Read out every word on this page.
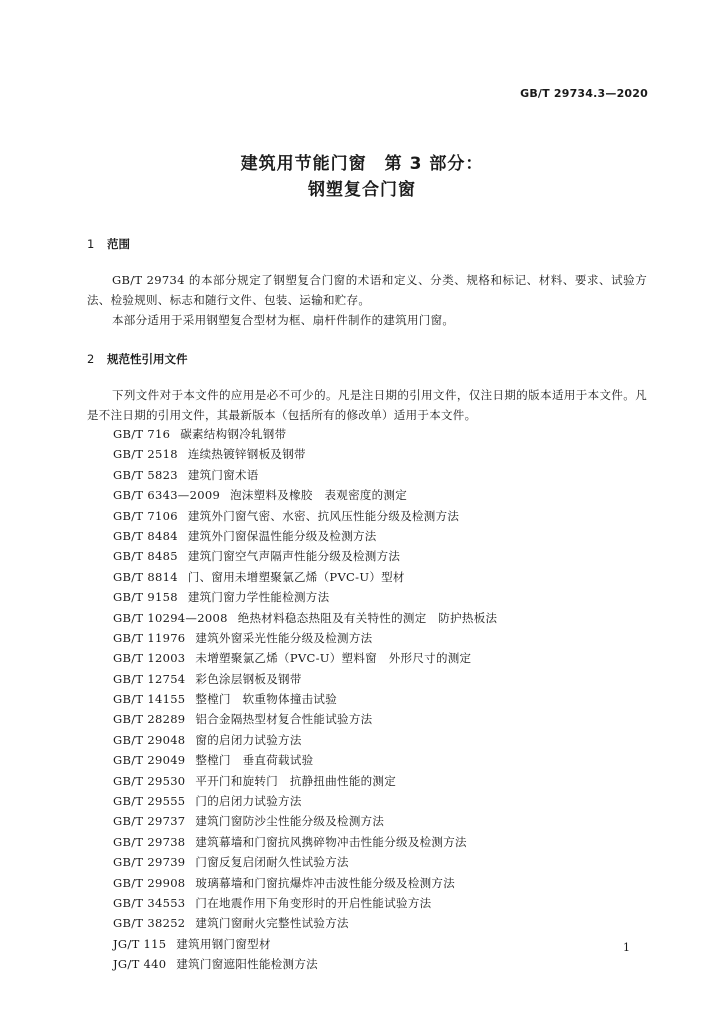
GB/T 29734.3—2020
建筑用节能门窗　第 3 部分：
钢塑复合门窗
1 范围
GB/T 29734 的本部分规定了钢塑复合门窗的术语和定义、分类、规格和标记、材料、要求、试验方法、检验规则、标志和随行文件、包装、运输和贮存。
本部分适用于采用钢塑复合型材为框、扇杆件制作的建筑用门窗。
2 规范性引用文件
下列文件对于本文件的应用是必不可少的。凡是注日期的引用文件，仅注日期的版本适用于本文件。凡是不注日期的引用文件，其最新版本（包括所有的修改单）适用于本文件。
GB/T 716 碳素结构钢冷轧钢带
GB/T 2518 连续热镀锌钢板及钢带
GB/T 5823 建筑门窗术语
GB/T 6343—2009 泡沫塑料及橡胶　表观密度的测定
GB/T 7106 建筑外门窗气密、水密、抗风压性能分级及检测方法
GB/T 8484 建筑外门窗保温性能分级及检测方法
GB/T 8485 建筑门窗空气声隔声性能分级及检测方法
GB/T 8814 门、窗用未增塑聚氯乙烯（PVC-U）型材
GB/T 9158 建筑门窗力学性能检测方法
GB/T 10294—2008 绝热材料稳态热阻及有关特性的测定　防护热板法
GB/T 11976 建筑外窗采光性能分级及检测方法
GB/T 12003 未增塑聚氯乙烯（PVC-U）塑料窗　外形尺寸的测定
GB/T 12754 彩色涂层钢板及钢带
GB/T 14155 整樘门　软重物体撞击试验
GB/T 28289 铝合金隔热型材复合性能试验方法
GB/T 29048 窗的启闭力试验方法
GB/T 29049 整樘门　垂直荷载试验
GB/T 29530 平开门和旋转门　抗静扭曲性能的测定
GB/T 29555 门的启闭力试验方法
GB/T 29737 建筑门窗防沙尘性能分级及检测方法
GB/T 29738 建筑幕墙和门窗抗风携碎物冲击性能分级及检测方法
GB/T 29739 门窗反复启闭耐久性试验方法
GB/T 29908 玻璃幕墙和门窗抗爆炸冲击波性能分级及检测方法
GB/T 34553 门在地震作用下角变形时的开启性能试验方法
GB/T 38252 建筑门窗耐火完整性试验方法
JG/T 115 建筑用钢门窗型材
JG/T 440 建筑门窗遮阳性能检测方法
1
